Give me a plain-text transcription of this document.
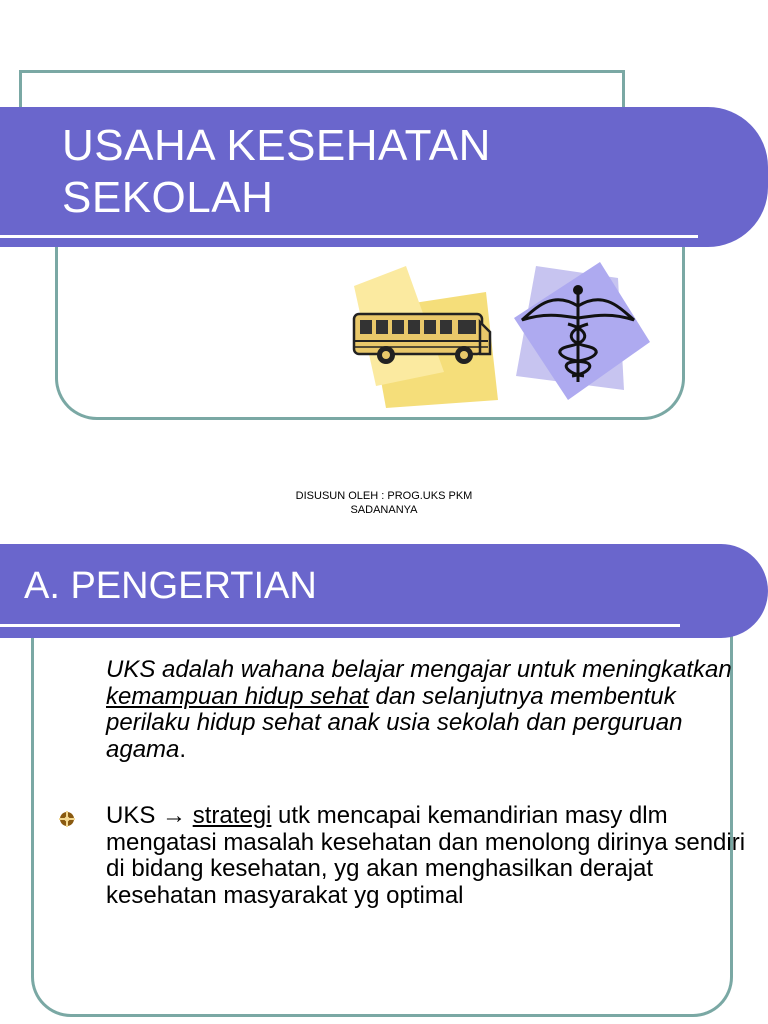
USAHA KESEHATAN
SEKOLAH
DISUSUN OLEH : PROG.UKS PKM
SADANANYA
A. PENGERTIAN

UKS adalah wahana belajar mengajar untuk meningkatkan kemampuan hidup sehat dan selanjutnya membentuk perilaku hidup sehat anak usia sekolah dan perguruan agama.

UKS → strategi utk mencapai kemandirian masy dlm mengatasi masalah kesehatan dan menolong dirinya sendiri di bidang kesehatan, yg akan menghasilkan derajat kesehatan masyarakat yg optimal
